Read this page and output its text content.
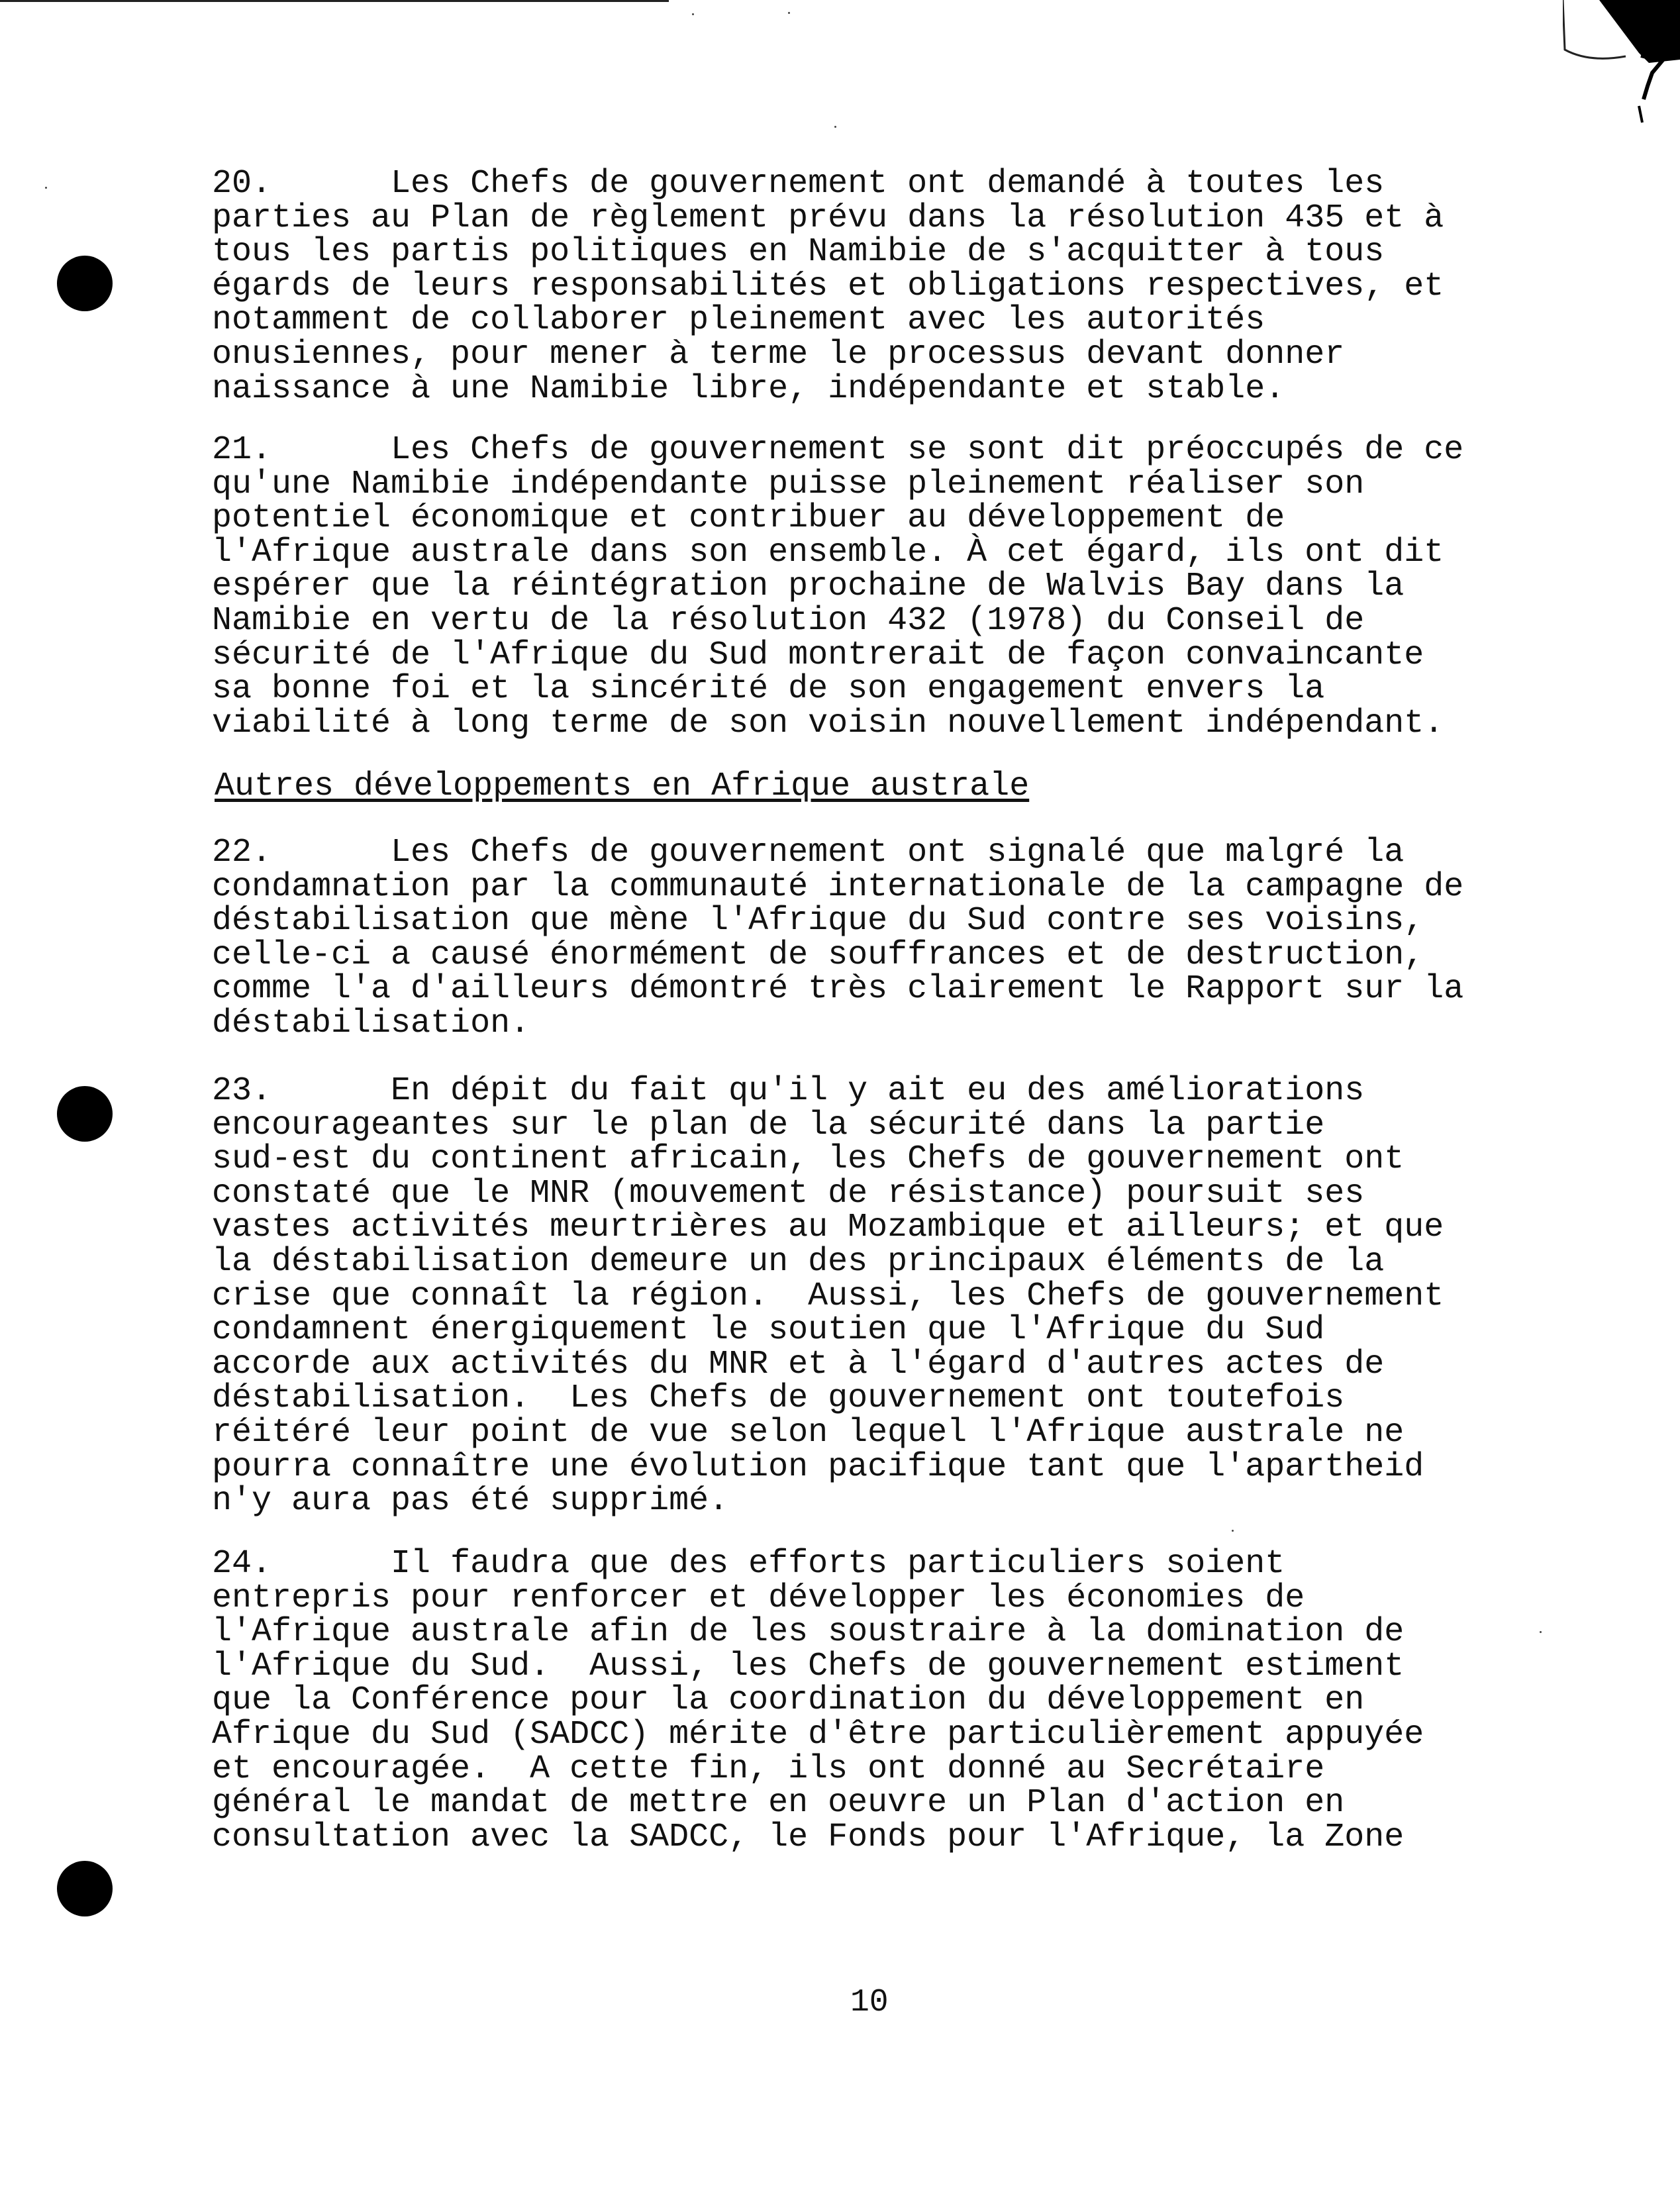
20.      Les Chefs de gouvernement ont demandé à toutes les
parties au Plan de règlement prévu dans la résolution 435 et à
tous les partis politiques en Namibie de s'acquitter à tous
égards de leurs responsabilités et obligations respectives, et
notamment de collaborer pleinement avec les autorités
onusiennes, pour mener à terme le processus devant donner
naissance à une Namibie libre, indépendante et stable.

21.      Les Chefs de gouvernement se sont dit préoccupés de ce
qu'une Namibie indépendante puisse pleinement réaliser son
potentiel économique et contribuer au développement de
l'Afrique australe dans son ensemble. À cet égard, ils ont dit
espérer que la réintégration prochaine de Walvis Bay dans la
Namibie en vertu de la résolution 432 (1978) du Conseil de
sécurité de l'Afrique du Sud montrerait de façon convaincante
sa bonne foi et la sincérité de son engagement envers la
viabilité à long terme de son voisin nouvellement indépendant.

Autres développements en Afrique australe

22.      Les Chefs de gouvernement ont signalé que malgré la
condamnation par la communauté internationale de la campagne de
déstabilisation que mène l'Afrique du Sud contre ses voisins,
celle-ci a causé énormément de souffrances et de destruction,
comme l'a d'ailleurs démontré très clairement le Rapport sur la
déstabilisation.

23.      En dépit du fait qu'il y ait eu des améliorations
encourageantes sur le plan de la sécurité dans la partie
sud-est du continent africain, les Chefs de gouvernement ont
constaté que le MNR (mouvement de résistance) poursuit ses
vastes activités meurtrières au Mozambique et ailleurs; et que
la déstabilisation demeure un des principaux éléments de la
crise que connaît la région.  Aussi, les Chefs de gouvernement
condamnent énergiquement le soutien que l'Afrique du Sud
accorde aux activités du MNR et à l'égard d'autres actes de
déstabilisation.  Les Chefs de gouvernement ont toutefois
réitéré leur point de vue selon lequel l'Afrique australe ne
pourra connaître une évolution pacifique tant que l'apartheid
n'y aura pas été supprimé.

24.      Il faudra que des efforts particuliers soient
entrepris pour renforcer et développer les économies de
l'Afrique australe afin de les soustraire à la domination de
l'Afrique du Sud.  Aussi, les Chefs de gouvernement estiment
que la Conférence pour la coordination du développement en
Afrique du Sud (SADCC) mérite d'être particulièrement appuyée
et encouragée.  A cette fin, ils ont donné au Secrétaire
général le mandat de mettre en oeuvre un Plan d'action en
consultation avec la SADCC, le Fonds pour l'Afrique, la Zone

10
